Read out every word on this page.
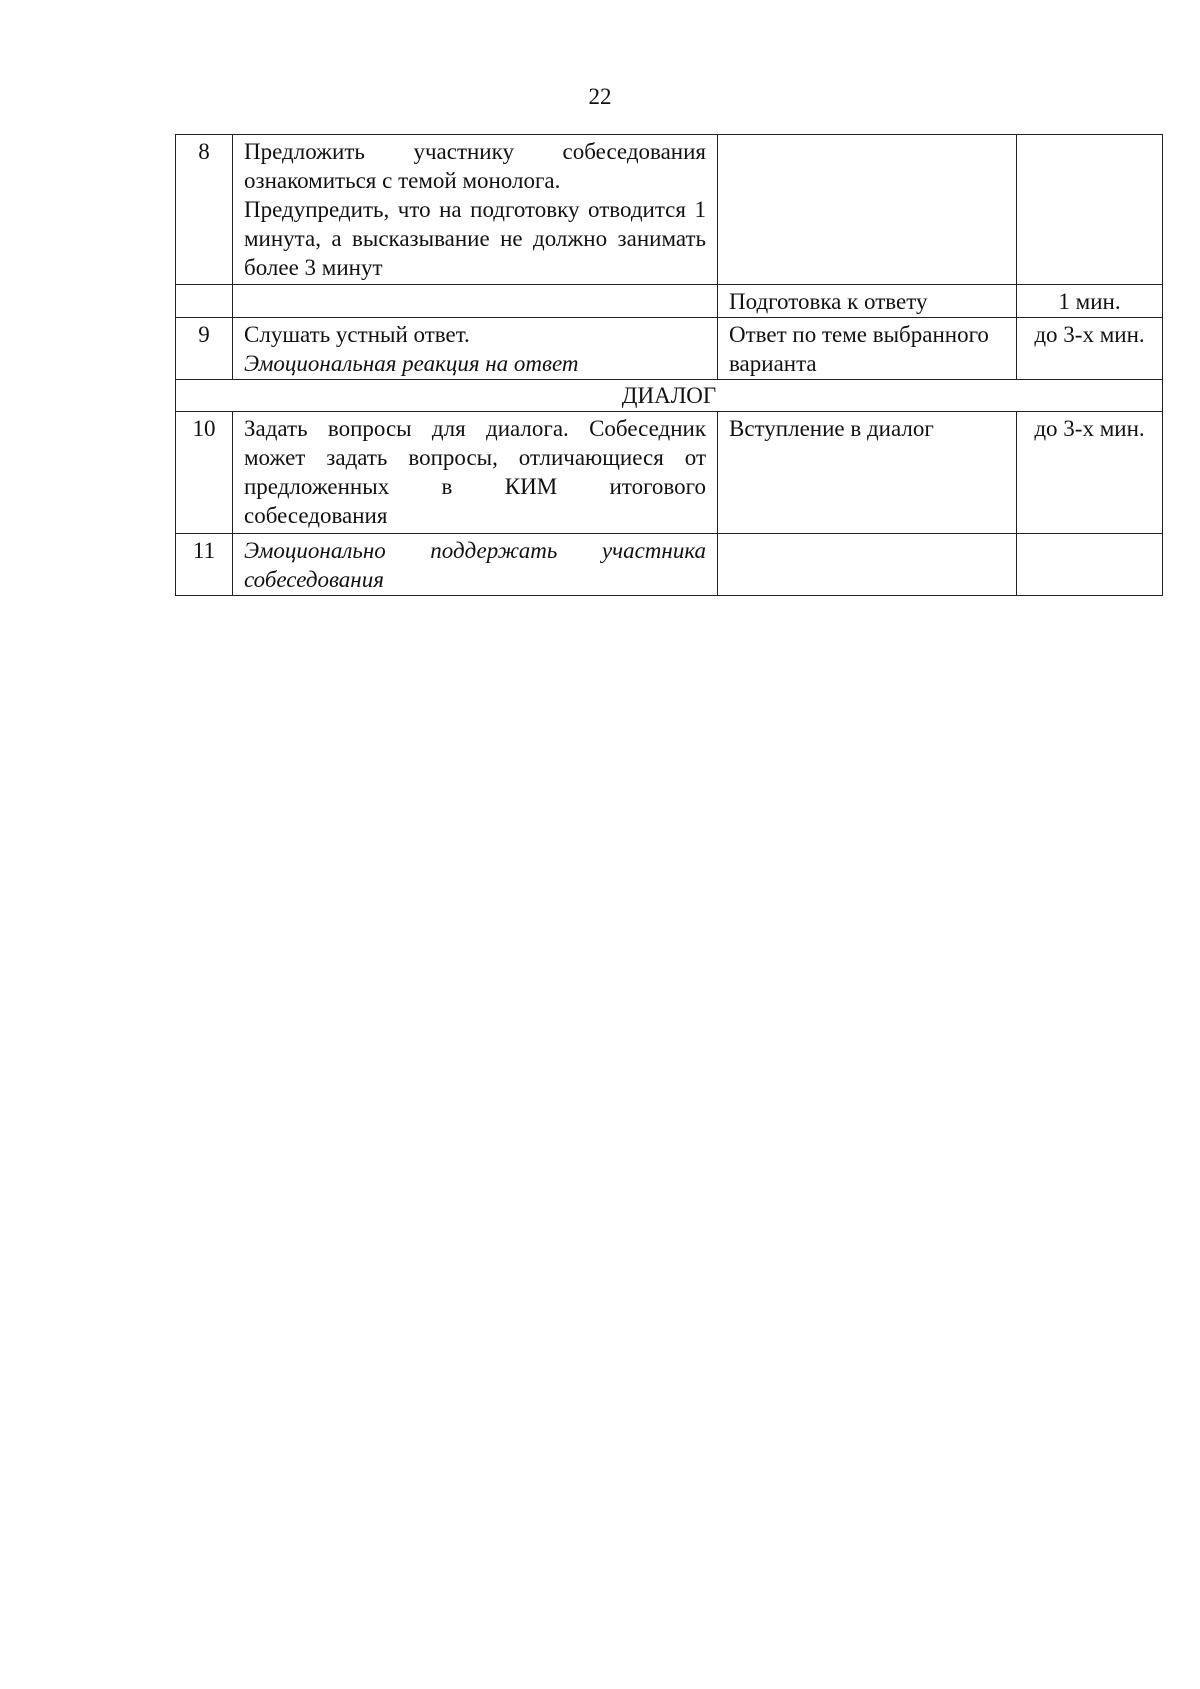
22
8	Предложить участнику собеседования ознакомиться с темой монолога.
Предупредить, что на подготовку отводится 1 минута, а высказывание не должно занимать более 3 минут		

		Подготовка к ответу	1 мин.
9	Слушать устный ответ.
Эмоциональная реакция на ответ	Ответ по теме выбранного варианта	до 3-х мин.
ДИАЛОГ			
10	Задать вопросы для диалога. Собеседник может задать вопросы, отличающиеся от предложенных в КИМ итогового собеседования	Вступление в диалог	до 3-х мин.
11	Эмоционально поддержать участника собеседования		
